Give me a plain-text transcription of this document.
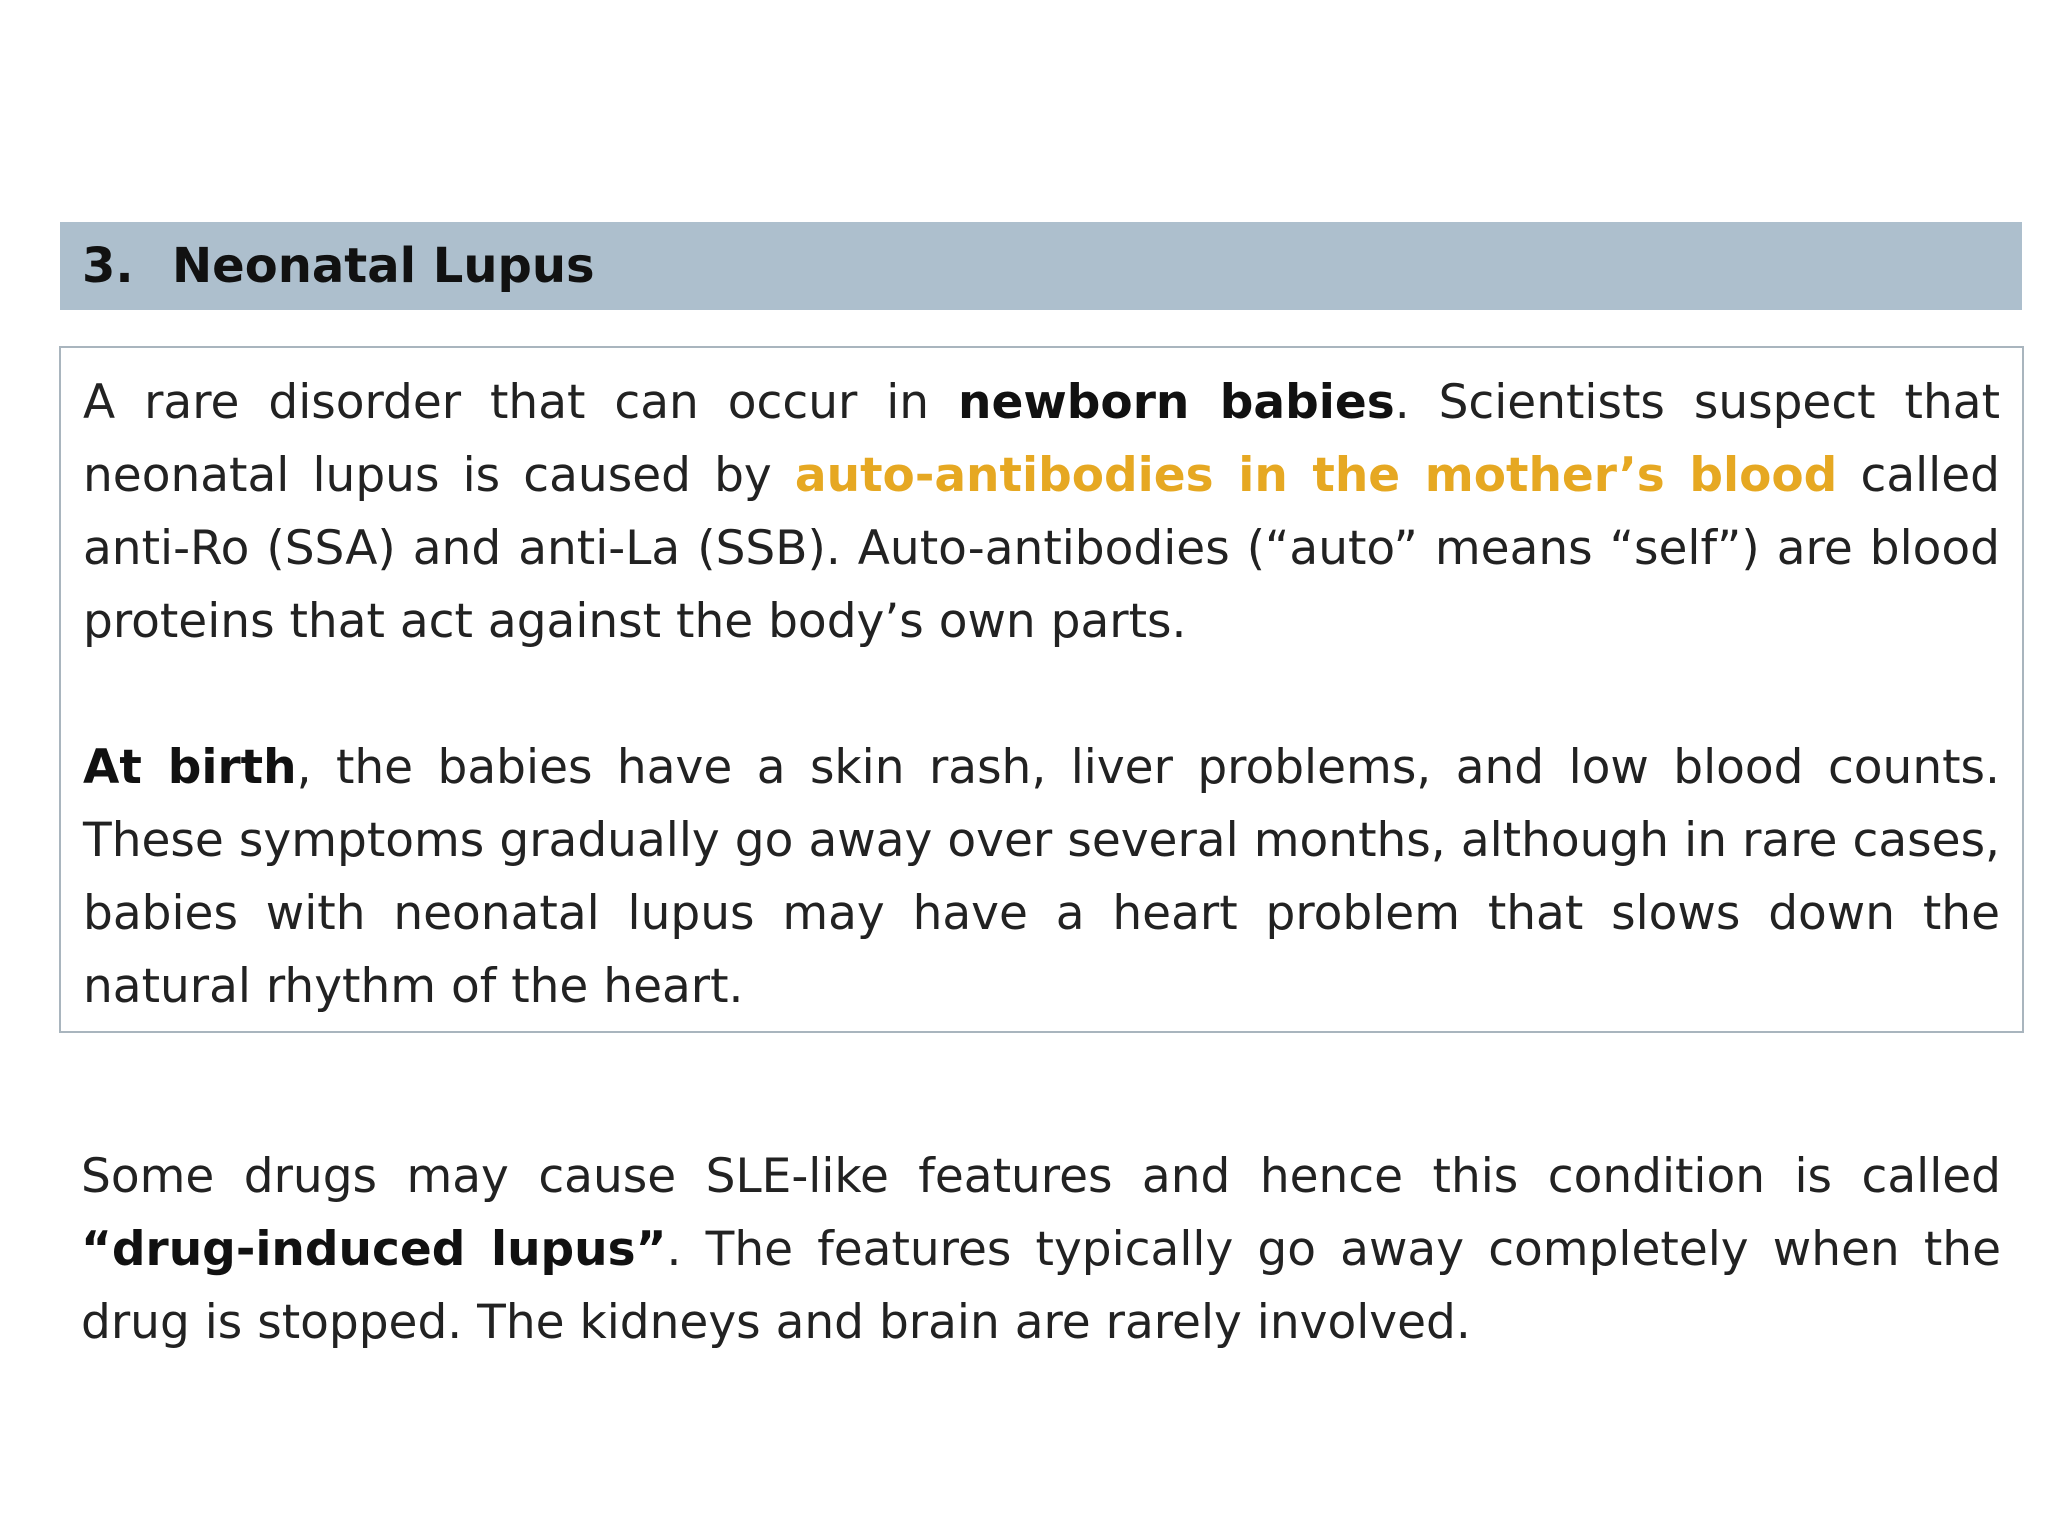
3. Neonatal Lupus

A rare disorder that can occur in newborn babies. Scientists suspect that neonatal lupus is caused by auto-antibodies in the mother’s blood called anti-Ro (SSA) and anti-La (SSB). Auto-antibodies (“auto” means “self”) are blood proteins that act against the body’s own parts.

At birth, the babies have a skin rash, liver problems, and low blood counts. These symptoms gradually go away over several months, although in rare cases, babies with neonatal lupus may have a heart problem that slows down the natural rhythm of the heart.

Some drugs may cause SLE-like features and hence this condition is called “drug-induced lupus”. The features typically go away completely when the drug is stopped. The kidneys and brain are rarely involved.
